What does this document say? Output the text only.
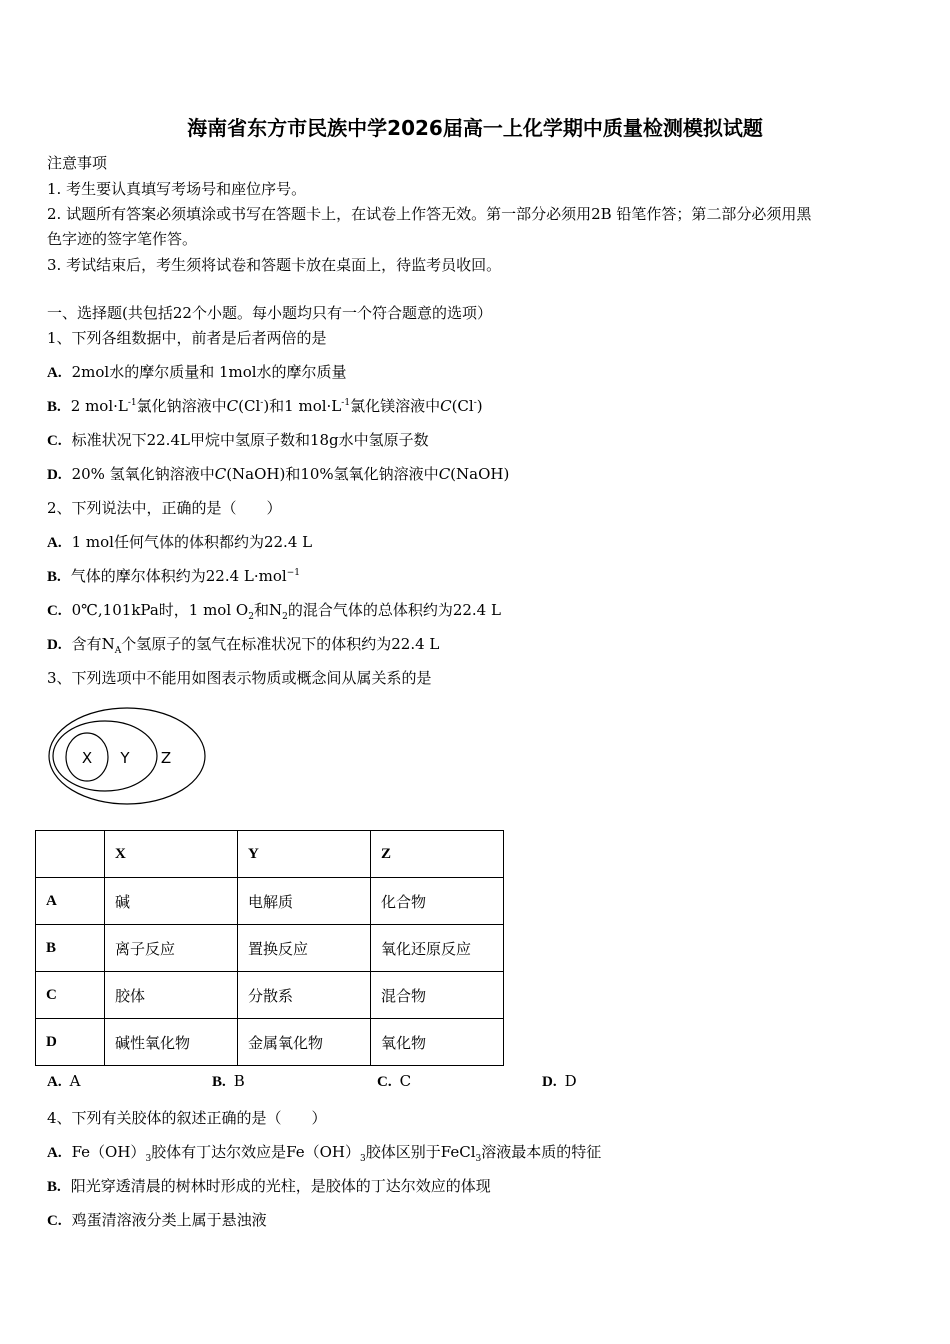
海南省东方市民族中学2026届高一上化学期中质量检测模拟试题
注意事项
1. 考生要认真填写考场号和座位序号。
2. 试题所有答案必须填涂或书写在答题卡上，在试卷上作答无效。第一部分必须用2B 铅笔作答；第二部分必须用黑
色字迹的签字笔作答。
3. 考试结束后，考生须将试卷和答题卡放在桌面上，待监考员收回。
一、选择题(共包括22个小题。每小题均只有一个符合题意的选项）
1、下列各组数据中，前者是后者两倍的是
A. 2mol水的摩尔质量和 1mol水的摩尔质量
B. 2 $mol\cdot L^{-1}$氯化钠溶液中C(Cl-)和1 $mol\cdot L^{-1}$氯化镁溶液中C(Cl-)
C. 标准状况下22.4L甲烷中氢原子数和18g水中氢原子数
D. 20% 氢氧化钠溶液中C(NaOH)和10%氢氧化钠溶液中C(NaOH)
2、下列说法中，正确的是（　　）
A. 1 mol任何气体的体积都约为22.4 L
B. 气体的摩尔体积约为22.4 L·mol$^{-1}$
C. 0℃,101kPa时，1 mol $O_2$和$N_2$的混合气体的总体积约为22.4 L
D. 含有$N_A$个氢原子的氢气在标准状况下的体积约为22.4 L
3、下列选项中不能用如图表示物质或概念间从属关系的是
X Y Z
	X	Y	Z
A	碱	电解质	化合物
B	离子反应	置换反应	氧化还原反应
C	胶体	分散系	混合物
D	碱性氧化物	金属氧化物	氧化物
A. A	B. B	C. C	D. D
4、下列有关胶体的叙述正确的是（　　）
A. $Fe(OH)_3$胶体有丁达尔效应是$Fe(OH)_3$胶体区别于FeCl$_3$溶液最本质的特征
B. 阳光穿透清晨的树林时形成的光柱，是胶体的丁达尔效应的体现
C. 鸡蛋清溶液分类上属于悬浊液
